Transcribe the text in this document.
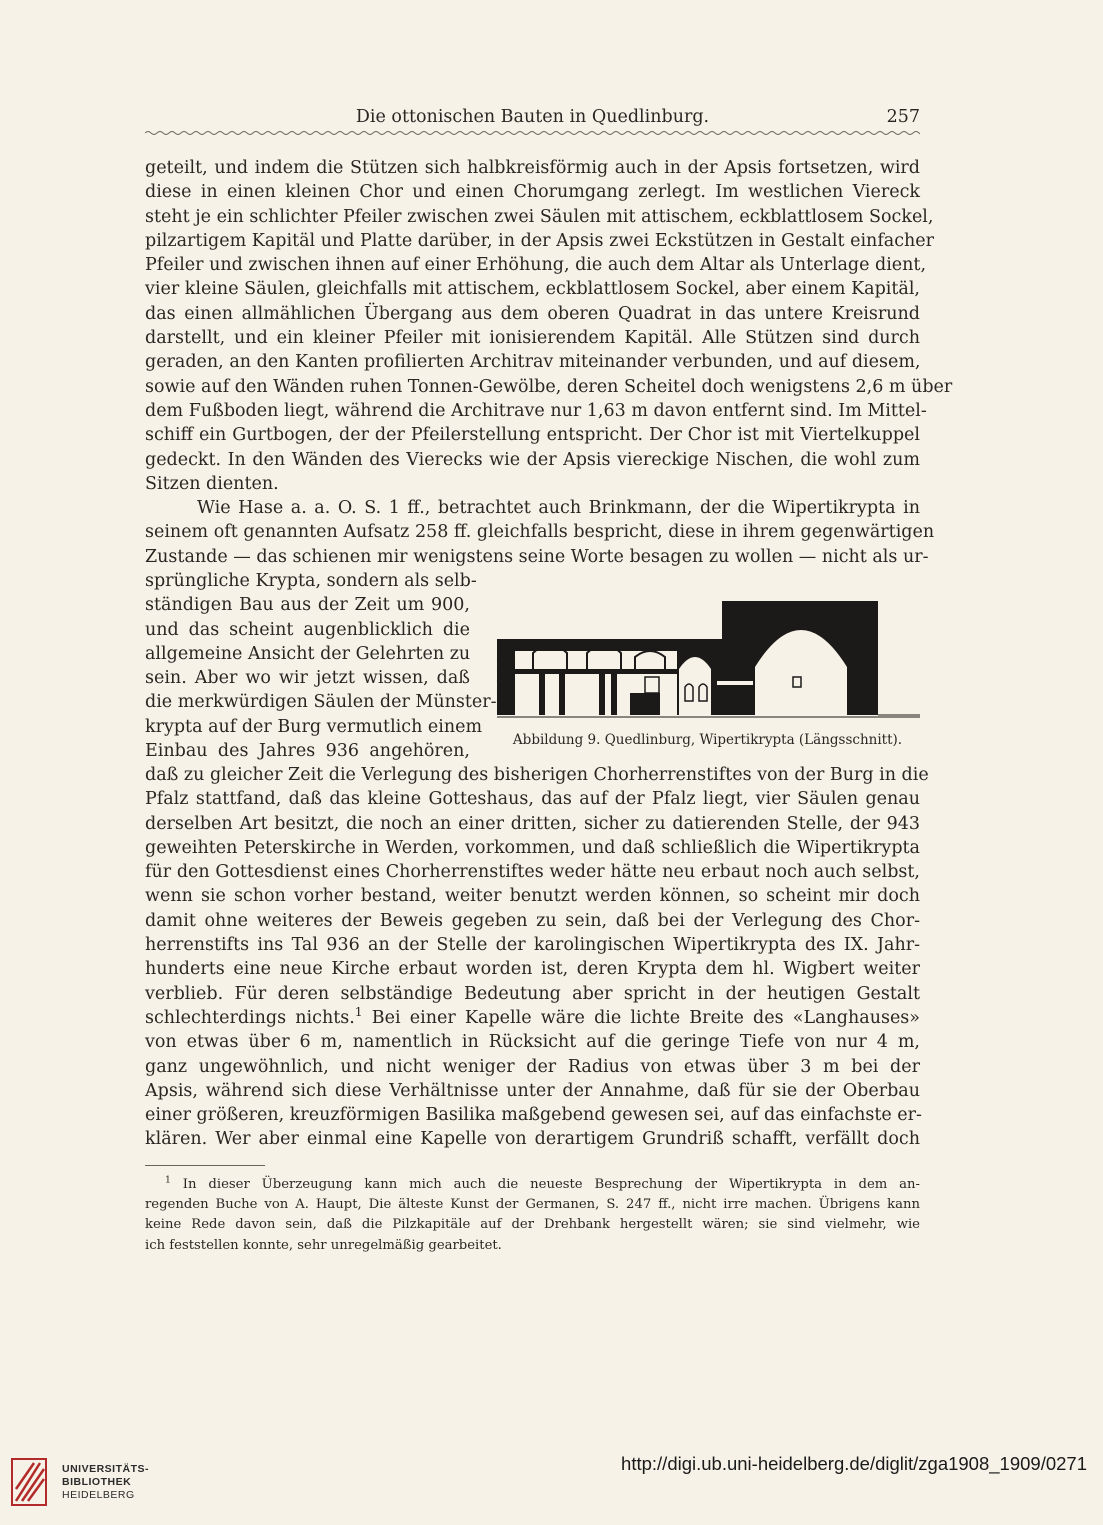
Die ottonischen Bauten in Quedlinburg.	257
geteilt, und indem die Stützen sich halbkreisförmig auch in der Apsis fortsetzen, wird
diese in einen kleinen Chor und einen Chorumgang zerlegt. Im westlichen Viereck
steht je ein schlichter Pfeiler zwischen zwei Säulen mit attischem, eckblattlosem Sockel,
pilzartigem Kapitäl und Platte darüber, in der Apsis zwei Eckstützen in Gestalt einfacher
Pfeiler und zwischen ihnen auf einer Erhöhung, die auch dem Altar als Unterlage dient,
vier kleine Säulen, gleichfalls mit attischem, eckblattlosem Sockel, aber einem Kapitäl,
das einen allmählichen Übergang aus dem oberen Quadrat in das untere Kreisrund
darstellt, und ein kleiner Pfeiler mit ionisierendem Kapitäl. Alle Stützen sind durch
geraden, an den Kanten profilierten Architrav miteinander verbunden, und auf diesem,
sowie auf den Wänden ruhen Tonnen-Gewölbe, deren Scheitel doch wenigstens 2,6 m über
dem Fußboden liegt, während die Architrave nur 1,63 m davon entfernt sind. Im Mittel-
schiff ein Gurtbogen, der der Pfeilerstellung entspricht. Der Chor ist mit Viertelkuppel
gedeckt. In den Wänden des Vierecks wie der Apsis viereckige Nischen, die wohl zum
Sitzen dienten.
Wie Hase a. a. O. S. 1 ff., betrachtet auch Brinkmann, der die Wipertikrypta in
seinem oft genannten Aufsatz 258 ff. gleichfalls bespricht, diese in ihrem gegenwärtigen
Zustande — das schienen mir wenigstens seine Worte besagen zu wollen — nicht als ur-
sprüngliche Krypta, sondern als selb-
ständigen Bau aus der Zeit um 900,
und das scheint augenblicklich die
allgemeine Ansicht der Gelehrten zu
sein. Aber wo wir jetzt wissen, daß
die merkwürdigen Säulen der Münster-
krypta auf der Burg vermutlich einem
Einbau des Jahres 936 angehören,
daß zu gleicher Zeit die Verlegung des bisherigen Chorherrenstiftes von der Burg in die
Pfalz stattfand, daß das kleine Gotteshaus, das auf der Pfalz liegt, vier Säulen genau
derselben Art besitzt, die noch an einer dritten, sicher zu datierenden Stelle, der 943
geweihten Peterskirche in Werden, vorkommen, und daß schließlich die Wipertikrypta
für den Gottesdienst eines Chorherrenstiftes weder hätte neu erbaut noch auch selbst,
wenn sie schon vorher bestand, weiter benutzt werden können, so scheint mir doch
damit ohne weiteres der Beweis gegeben zu sein, daß bei der Verlegung des Chor-
herrenstifts ins Tal 936 an der Stelle der karolingischen Wipertikrypta des IX. Jahr-
hunderts eine neue Kirche erbaut worden ist, deren Krypta dem hl. Wigbert weiter
verblieb. Für deren selbständige Bedeutung aber spricht in der heutigen Gestalt
schlechterdings nichts.$^1$ Bei einer Kapelle wäre die lichte Breite des «Langhauses»
von etwas über 6 m, namentlich in Rücksicht auf die geringe Tiefe von nur 4 m,
ganz ungewöhnlich, und nicht weniger der Radius von etwas über 3 m bei der
Apsis, während sich diese Verhältnisse unter der Annahme, daß für sie der Oberbau
einer größeren, kreuzförmigen Basilika maßgebend gewesen sei, auf das einfachste er-
klären. Wer aber einmal eine Kapelle von derartigem Grundriß schafft, verfällt doch
Abbildung 9. Quedlinburg, Wipertikrypta (Längsschnitt).
$^1$ In dieser Überzeugung kann mich auch die neueste Besprechung der Wipertikrypta in dem an-
regenden Buche von A. Haupt, Die älteste Kunst der Germanen, S. 247 ff., nicht irre machen. Übrigens kann
keine Rede davon sein, daß die Pilzkapitäle auf der Drehbank hergestellt wären; sie sind vielmehr, wie
ich feststellen konnte, sehr unregelmäßig gearbeitet.
UNIVERSITÄTS-
BIBLIOTHEK
HEIDELBERG
http://digi.ub.uni-heidelberg.de/diglit/zga1908_1909/0271
